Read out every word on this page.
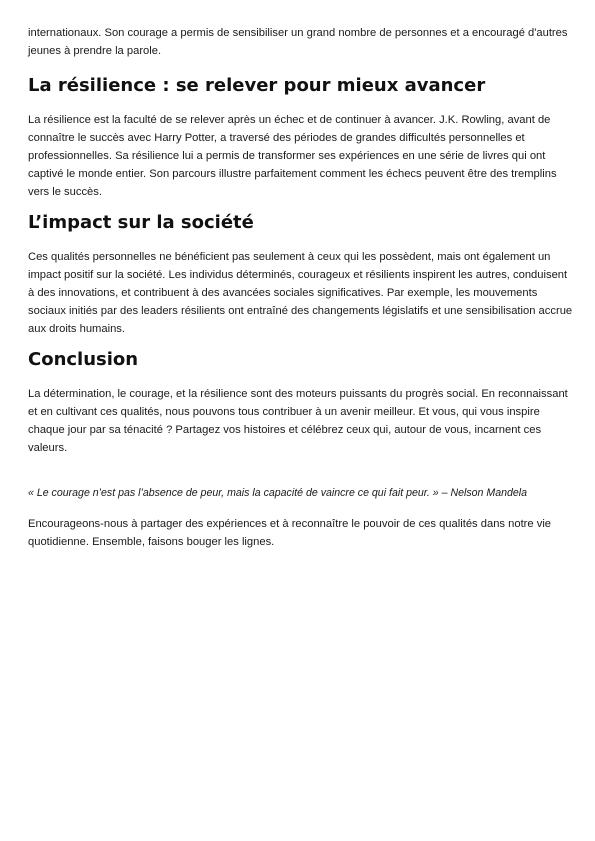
internationaux. Son courage a permis de sensibiliser un grand nombre de personnes et a encouragé d'autres jeunes à prendre la parole.

La résilience : se relever pour mieux avancer

La résilience est la faculté de se relever après un échec et de continuer à avancer. J.K. Rowling, avant de connaître le succès avec Harry Potter, a traversé des périodes de grandes difficultés personnelles et professionnelles. Sa résilience lui a permis de transformer ses expériences en une série de livres qui ont captivé le monde entier. Son parcours illustre parfaitement comment les échecs peuvent être des tremplins vers le succès.

L’impact sur la société

Ces qualités personnelles ne bénéficient pas seulement à ceux qui les possèdent, mais ont également un impact positif sur la société. Les individus déterminés, courageux et résilients inspirent les autres, conduisent à des innovations, et contribuent à des avancées sociales significatives. Par exemple, les mouvements sociaux initiés par des leaders résilients ont entraîné des changements législatifs et une sensibilisation accrue aux droits humains.

Conclusion

La détermination, le courage, et la résilience sont des moteurs puissants du progrès social. En reconnaissant et en cultivant ces qualités, nous pouvons tous contribuer à un avenir meilleur. Et vous, qui vous inspire chaque jour par sa ténacité ? Partagez vos histoires et célébrez ceux qui, autour de vous, incarnent ces valeurs.

« Le courage n’est pas l’absence de peur, mais la capacité de vaincre ce qui fait peur. » – Nelson Mandela

Encourageons-nous à partager des expériences et à reconnaître le pouvoir de ces qualités dans notre vie quotidienne. Ensemble, faisons bouger les lignes.
